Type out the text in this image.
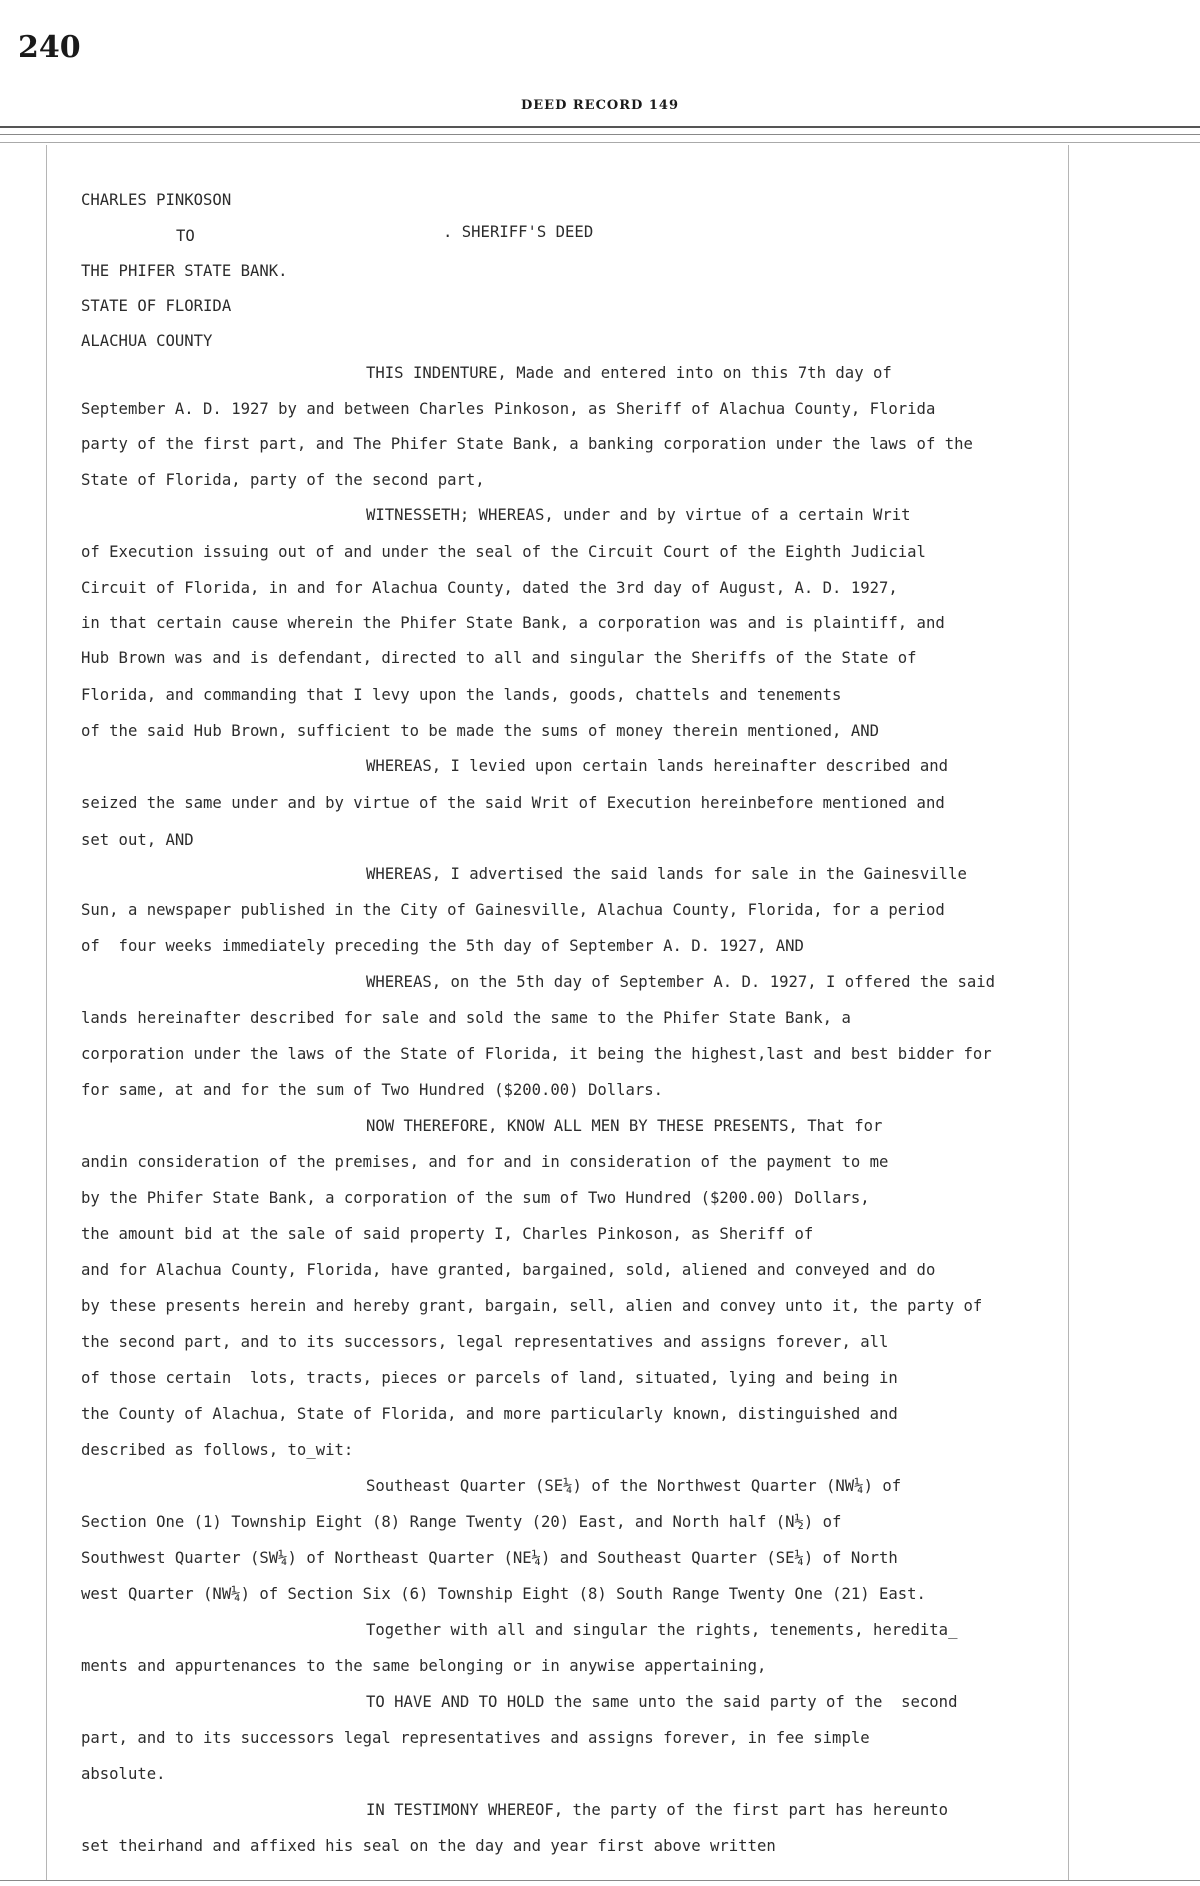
240
DEED RECORD 149
CHARLES PINKOSON
TO	. SHERIFF'S DEED
THE PHIFER STATE BANK.
STATE OF FLORIDA
ALACHUA COUNTY
THIS INDENTURE, Made and entered into on this 7th day of
September A. D. 1927 by and between Charles Pinkoson, as Sheriff of Alachua County, Florida
party of the first part, and The Phifer State Bank, a banking corporation under the laws of the
State of Florida, party of the second part,
WITNESSETH; WHEREAS, under and by virtue of a certain Writ
of Execution issuing out of and under the seal of the Circuit Court of the Eighth Judicial
Circuit of Florida, in and for Alachua County, dated the 3rd day of August, A. D. 1927,
in that certain cause wherein the Phifer State Bank, a corporation was and is plaintiff, and
Hub Brown was and is defendant, directed to all and singular the Sheriffs of the State of
Florida, and commanding that I levy upon the lands, goods, chattels and tenements
of the said Hub Brown, sufficient to be made the sums of money therein mentioned, AND
WHEREAS, I levied upon certain lands hereinafter described and
seized the same under and by virtue of the said Writ of Execution hereinbefore mentioned and
set out, AND
WHEREAS, I advertised the said lands for sale in the Gainesville
Sun, a newspaper published in the City of Gainesville, Alachua County, Florida, for a period
of  four weeks immediately preceding the 5th day of September A. D. 1927, AND
WHEREAS, on the 5th day of September A. D. 1927, I offered the said
lands hereinafter described for sale and sold the same to the Phifer State Bank, a
corporation under the laws of the State of Florida, it being the highest,last and best bidder for
for same, at and for the sum of Two Hundred ($200.00) Dollars.
NOW THEREFORE, KNOW ALL MEN BY THESE PRESENTS, That for
andin consideration of the premises, and for and in consideration of the payment to me
by the Phifer State Bank, a corporation of the sum of Two Hundred ($200.00) Dollars,
the amount bid at the sale of said property I, Charles Pinkoson, as Sheriff of
and for Alachua County, Florida, have granted, bargained, sold, aliened and conveyed and do
by these presents herein and hereby grant, bargain, sell, alien and convey unto it, the party of
the second part, and to its successors, legal representatives and assigns forever, all
of those certain  lots, tracts, pieces or parcels of land, situated, lying and being in
the County of Alachua, State of Florida, and more particularly known, distinguished and
described as follows, to_wit:
Southeast Quarter (SE¼) of the Northwest Quarter (NW¼) of
Section One (1) Township Eight (8) Range Twenty (20) East, and North half (N½) of
Southwest Quarter (SW¼) of Northeast Quarter (NE¼) and Southeast Quarter (SE¼) of North
west Quarter (NW¼) of Section Six (6) Township Eight (8) South Range Twenty One (21) East.
Together with all and singular the rights, tenements, heredita_
ments and appurtenances to the same belonging or in anywise appertaining,
TO HAVE AND TO HOLD the same unto the said party of the  second
part, and to its successors legal representatives and assigns forever, in fee simple
absolute.
IN TESTIMONY WHEREOF, the party of the first part has hereunto
set theirhand and affixed his seal on the day and year first above written
